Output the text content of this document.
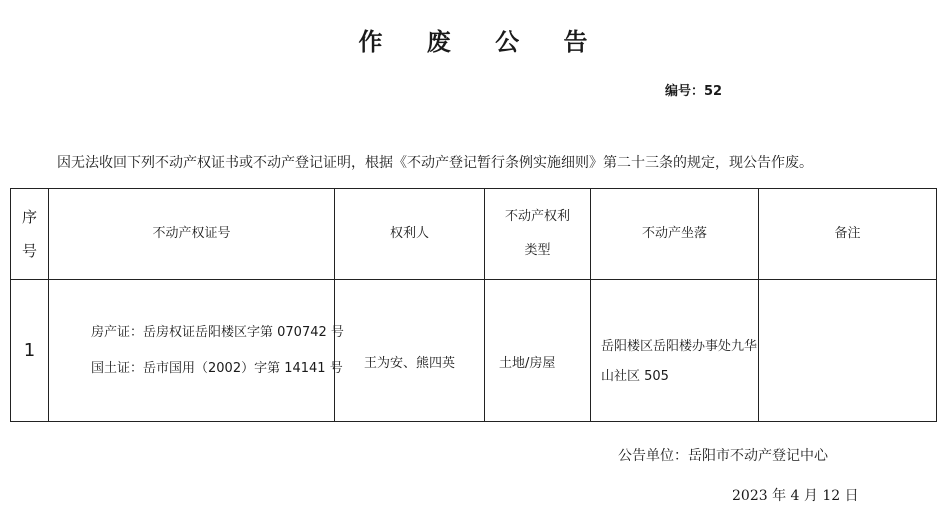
作 废 公 告
编号：52
因无法收回下列不动产权证书或不动产登记证明，根据《不动产登记暂行条例实施细则》第二十三条的规定，现公告作废。
序
号	不动产权证号	权利人	不动产权利
类型	不动产坐落	备注
1	房产证：岳房权证岳阳楼区字第 070742 号
国土证：岳市国用（2002）字第 14141 号	王为安、熊四英	土地/房屋	岳阳楼区岳阳楼办事处九华
山社区 505	

公告单位：岳阳市不动产登记中心
2023 年 4 月 12 日
